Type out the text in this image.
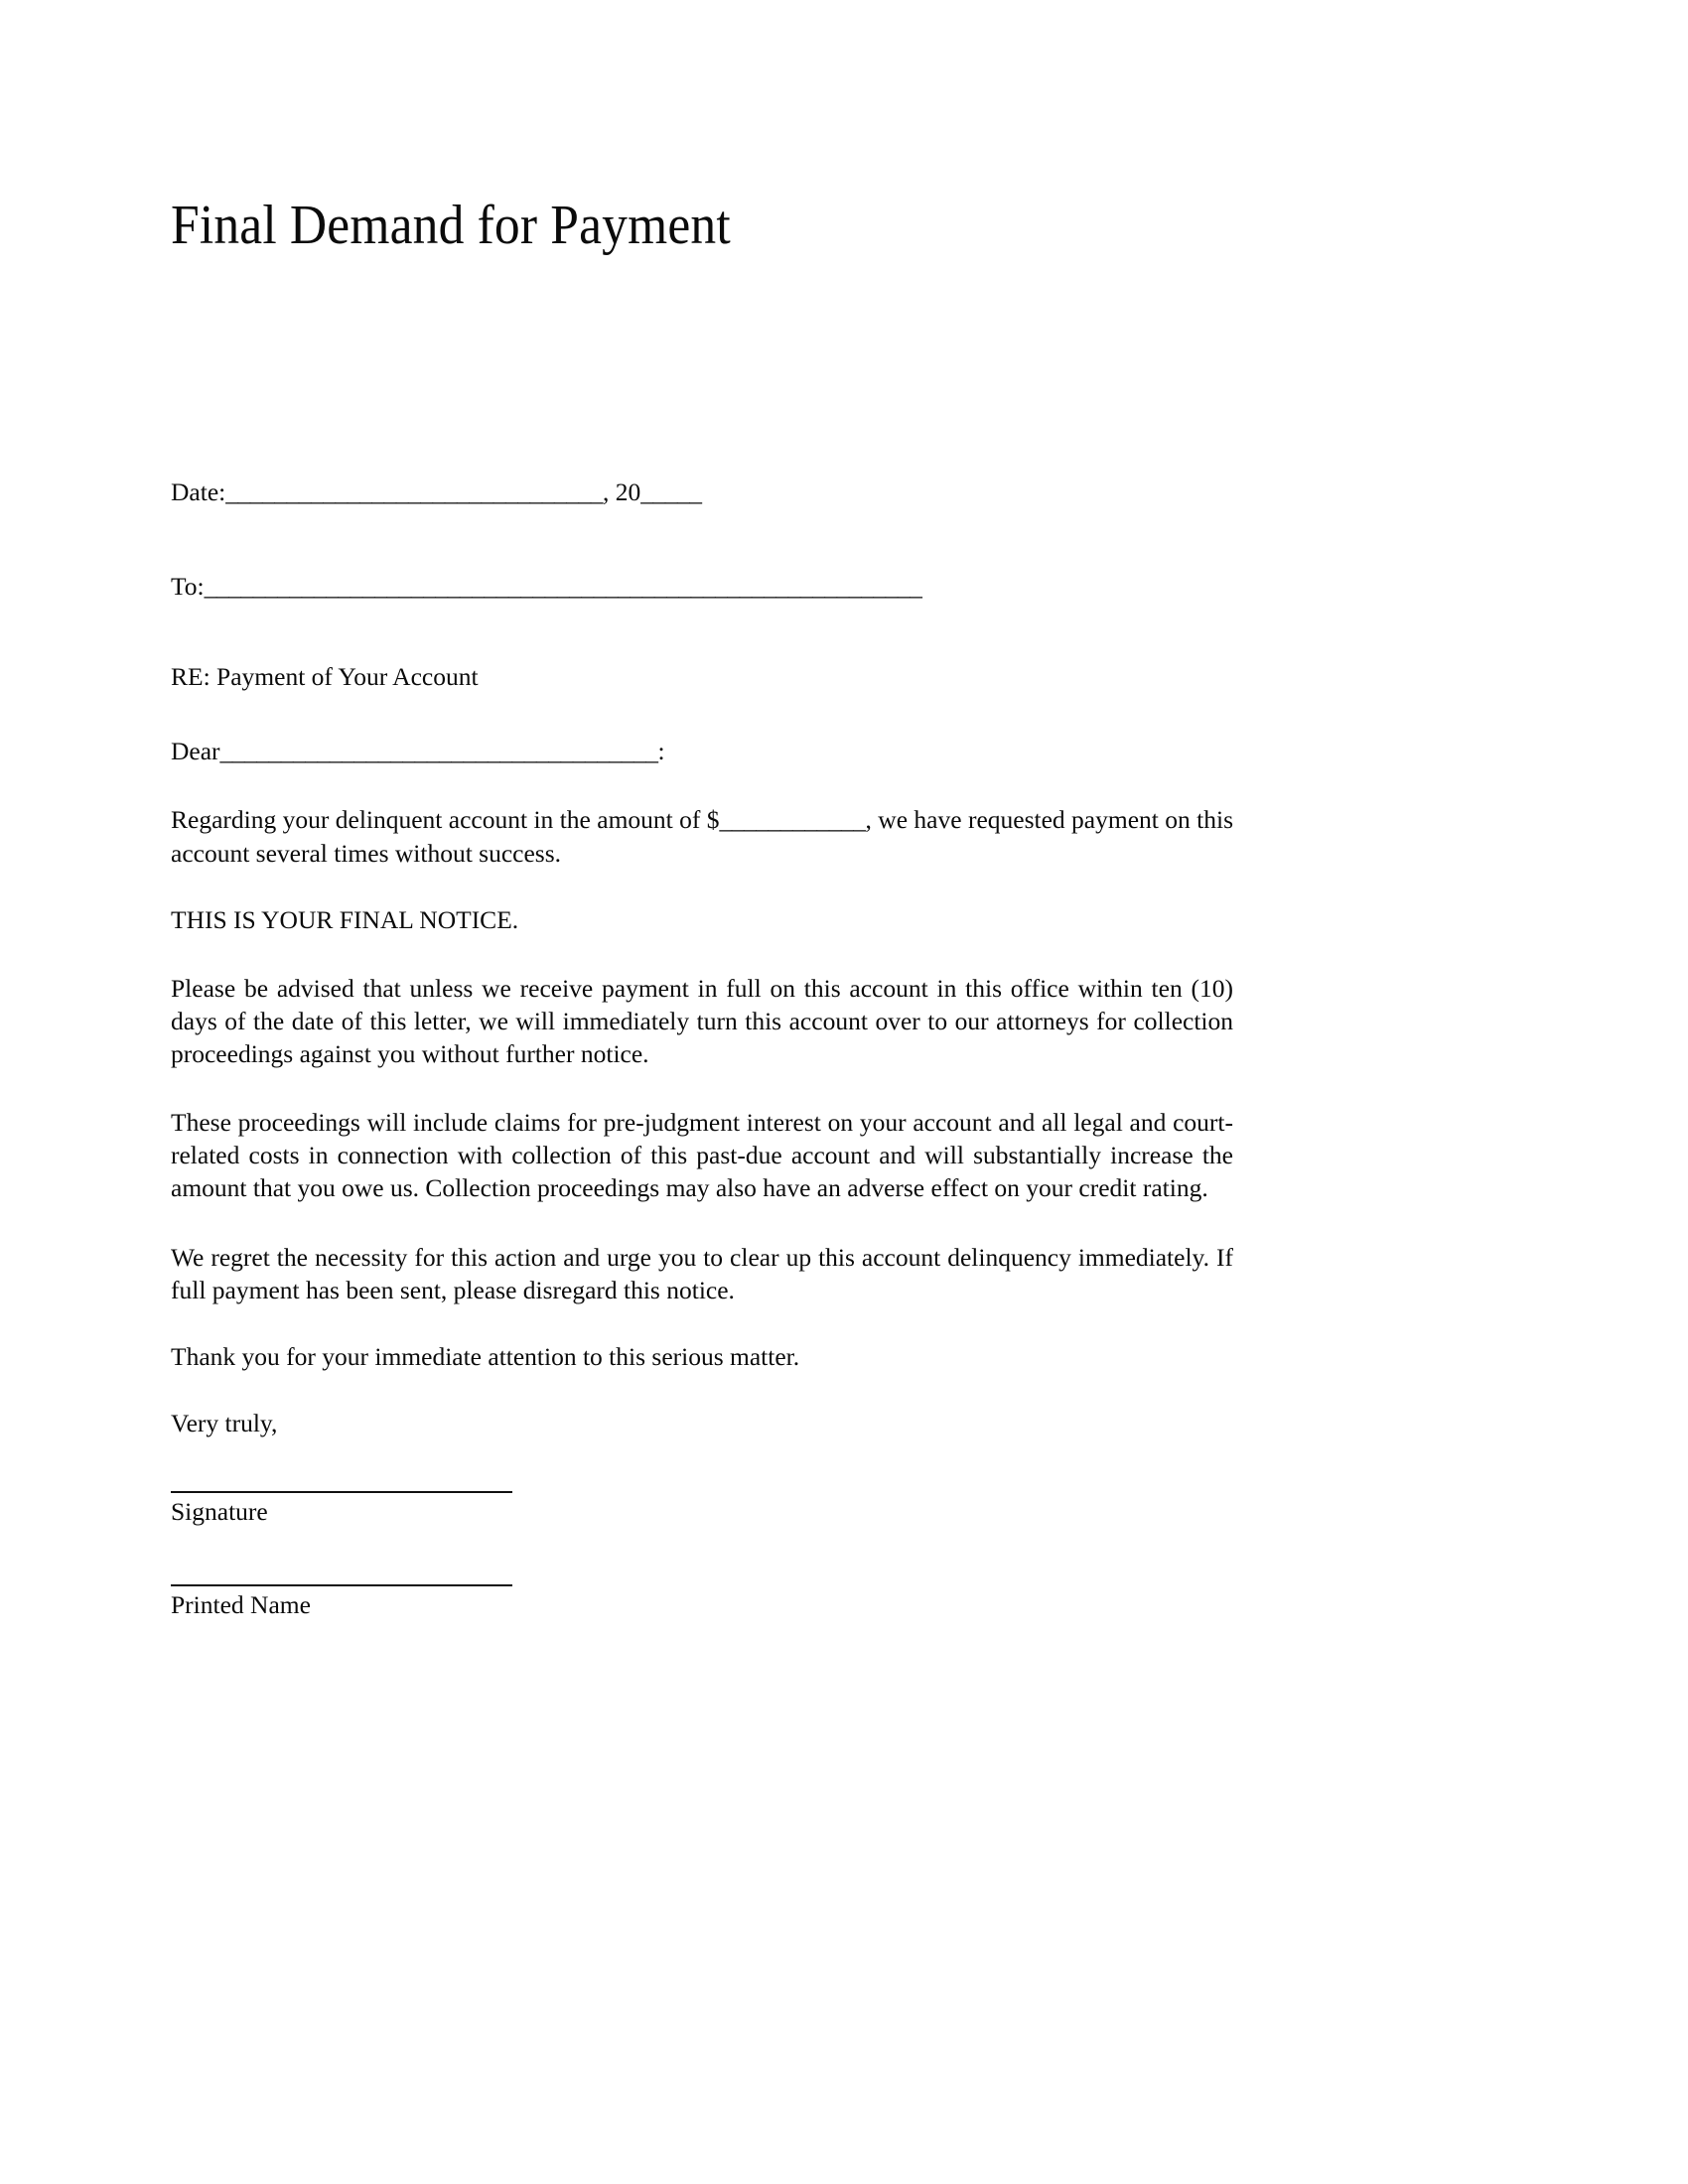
Final Demand for Payment
Date:_______________________________, 20_____
To:___________________________________________________________
RE: Payment of Your Account
Dear____________________________________:

Regarding your delinquent account in the amount of $____________, we have requested payment on this account several times without success.

THIS IS YOUR FINAL NOTICE.

Please be advised that unless we receive payment in full on this account in this office within ten (10) days of the date of this letter, we will immediately turn this account over to our attorneys for collection proceedings against you without further notice.

These proceedings will include claims for pre-judgment interest on your account and all legal and court-related costs in connection with collection of this past-due account and will substantially increase the amount that you owe us. Collection proceedings may also have an adverse effect on your credit rating.

We regret the necessity for this action and urge you to clear up this account delinquency immediately. If full payment has been sent, please disregard this notice.

Thank you for your immediate attention to this serious matter.

Very truly,

Signature
Printed Name
